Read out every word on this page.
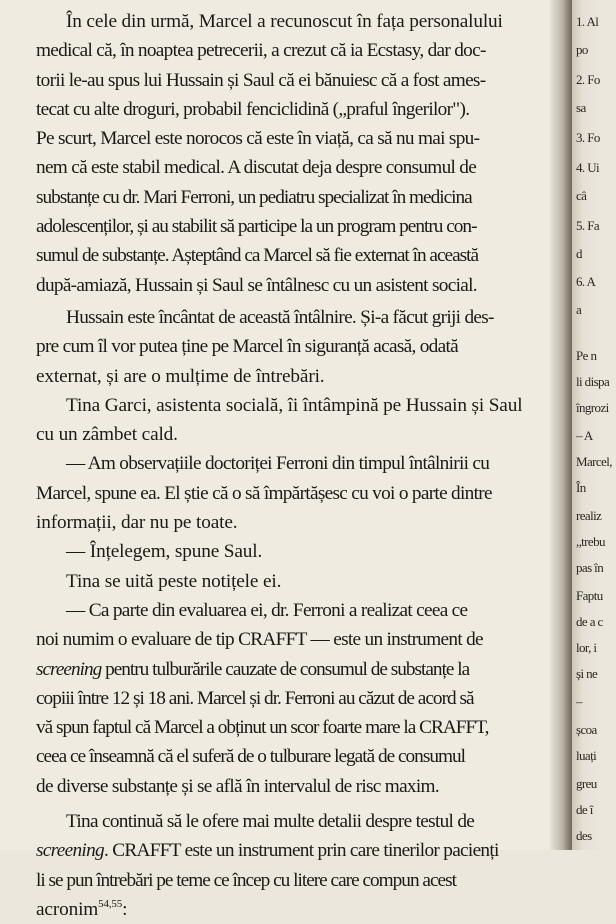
1. Al
po
2. Fo
sa
3. Fo
4. Ui
câ
5. Fa
d
6. A
a
Pe n
li dispa
îngrozi
– A
Marcel,
În
realiz
„trebu
pas în
Faptu
de a c
lor, i
și ne
–
școa
luați
greu
de î
des
În cele din urmă, Marcel a recunoscut în fața personalului
medical că, în noaptea petrecerii, a crezut că ia Ecstasy, dar doc-
torii le-au spus lui Hussain și Saul că ei bănuiesc că a fost ames-
tecat cu alte droguri, probabil fenciclidină („praful îngerilor").
Pe scurt, Marcel este norocos că este în viață, ca să nu mai spu-
nem că este stabil medical. A discutat deja despre consumul de
substanțe cu dr. Mari Ferroni, un pediatru specializat în medicina
adolescenților, și au stabilit să participe la un program pentru con-
sumul de substanțe. Așteptând ca Marcel să fie externat în această
după-amiază, Hussain și Saul se întâlnesc cu un asistent social.
Hussain este încântat de această întâlnire. Și-a făcut griji des-
pre cum îl vor putea ține pe Marcel în siguranță acasă, odată
externat, și are o mulțime de întrebări.
Tina Garci, asistenta socială, îi întâmpină pe Hussain și Saul
cu un zâmbet cald.
— Am observațiile doctoriței Ferroni din timpul întâlnirii cu
Marcel, spune ea. El știe că o să împărtășesc cu voi o parte dintre
informații, dar nu pe toate.
— Înțelegem, spune Saul.
Tina se uită peste notițele ei.
— Ca parte din evaluarea ei, dr. Ferroni a realizat ceea ce
noi numim o evaluare de tip CRAFFT — este un instrument de
screening pentru tulburările cauzate de consumul de substanțe la
copiii între 12 și 18 ani. Marcel și dr. Ferroni au căzut de acord să
vă spun faptul că Marcel a obținut un scor foarte mare la CRAFFT,
ceea ce înseamnă că el suferă de o tulburare legată de consumul
de diverse substanțe și se află în intervalul de risc maxim.
Tina continuă să le ofere mai multe detalii despre testul de
screening. CRAFFT este un instrument prin care tinerilor pacienți
li se pun întrebări pe teme ce încep cu litere care compun acest
acronim$^{54,55}$:
